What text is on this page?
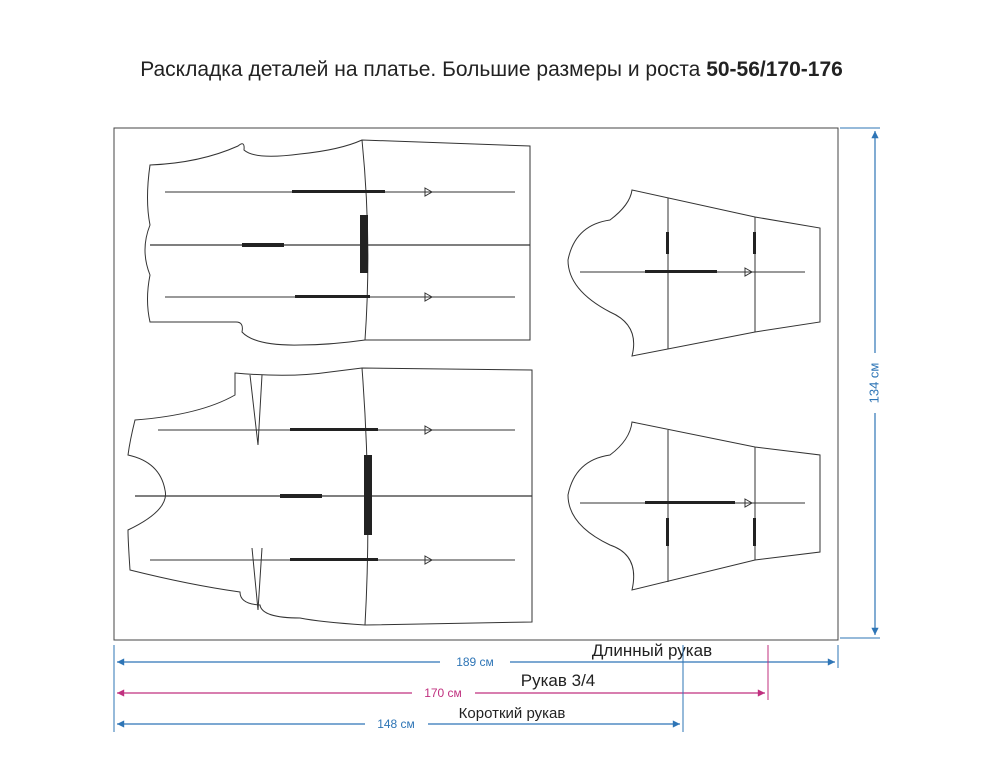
Раскладка деталей на платье. Большие размеры и роста 50-56/170-176
134 см
189 см
Длинный рукав
170 см
Рукав 3/4
148 см
Короткий рукав
